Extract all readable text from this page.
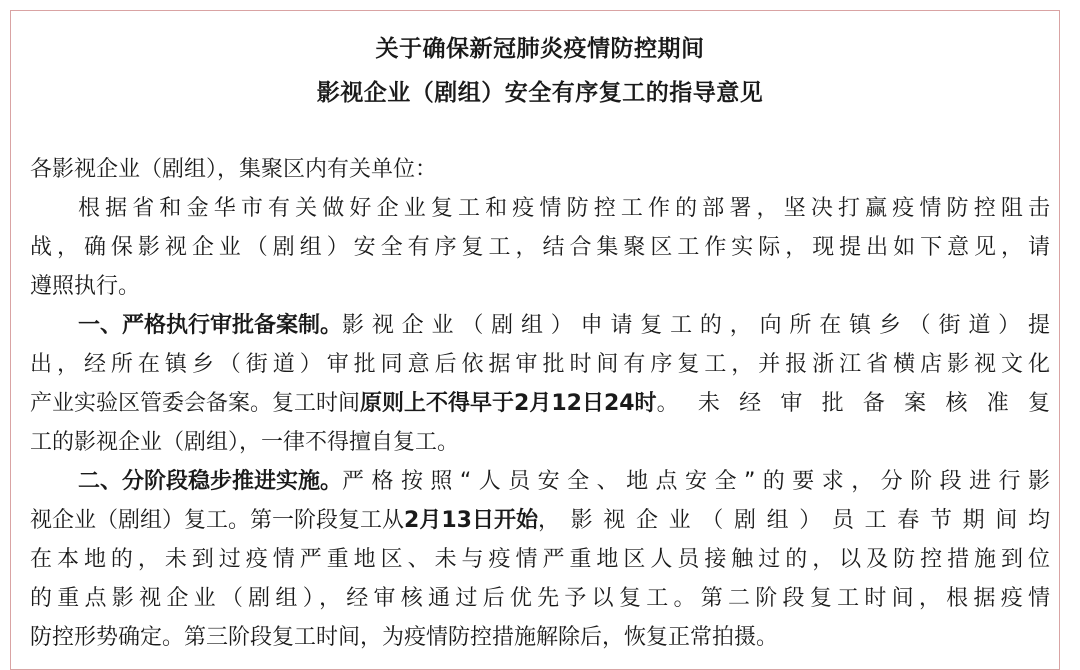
关于确保新冠肺炎疫情防控期间
影视企业（剧组）安全有序复工的指导意见
各影视企业（剧组），集聚区内有关单位：
根据省和金华市有关做好企业复工和疫情防控工作的部署，坚决打赢疫情防控阻击
战，确保影视企业（剧组）安全有序复工，结合集聚区工作实际，现提出如下意见，请
遵照执行。
一、严格执行审批备案制。 影视企业（剧组）申请复工的，向所在镇乡（街道）提
出，经所在镇乡（街道）审批同意后依据审批时间有序复工，并报浙江省横店影视文化
产业实验区管委会备案。复工时间 原则上不得早于2月12日24时 。未经审批备案核准复
工的影视企业（剧组），一律不得擅自复工。
二、分阶段稳步推进实施。 严格按照“人员安全、地点安全”的要求，分阶段进行影
视企业（剧组）复工。第一阶段复工从 2月13日开始 ，影视企业（剧组）员工春节期间均
在本地的，未到过疫情严重地区、未与疫情严重地区人员接触过的，以及防控措施到位
的重点影视企业（剧组），经审核通过后优先予以复工。第二阶段复工时间，根据疫情
防控形势确定。第三阶段复工时间，为疫情防控措施解除后，恢复正常拍摄。
